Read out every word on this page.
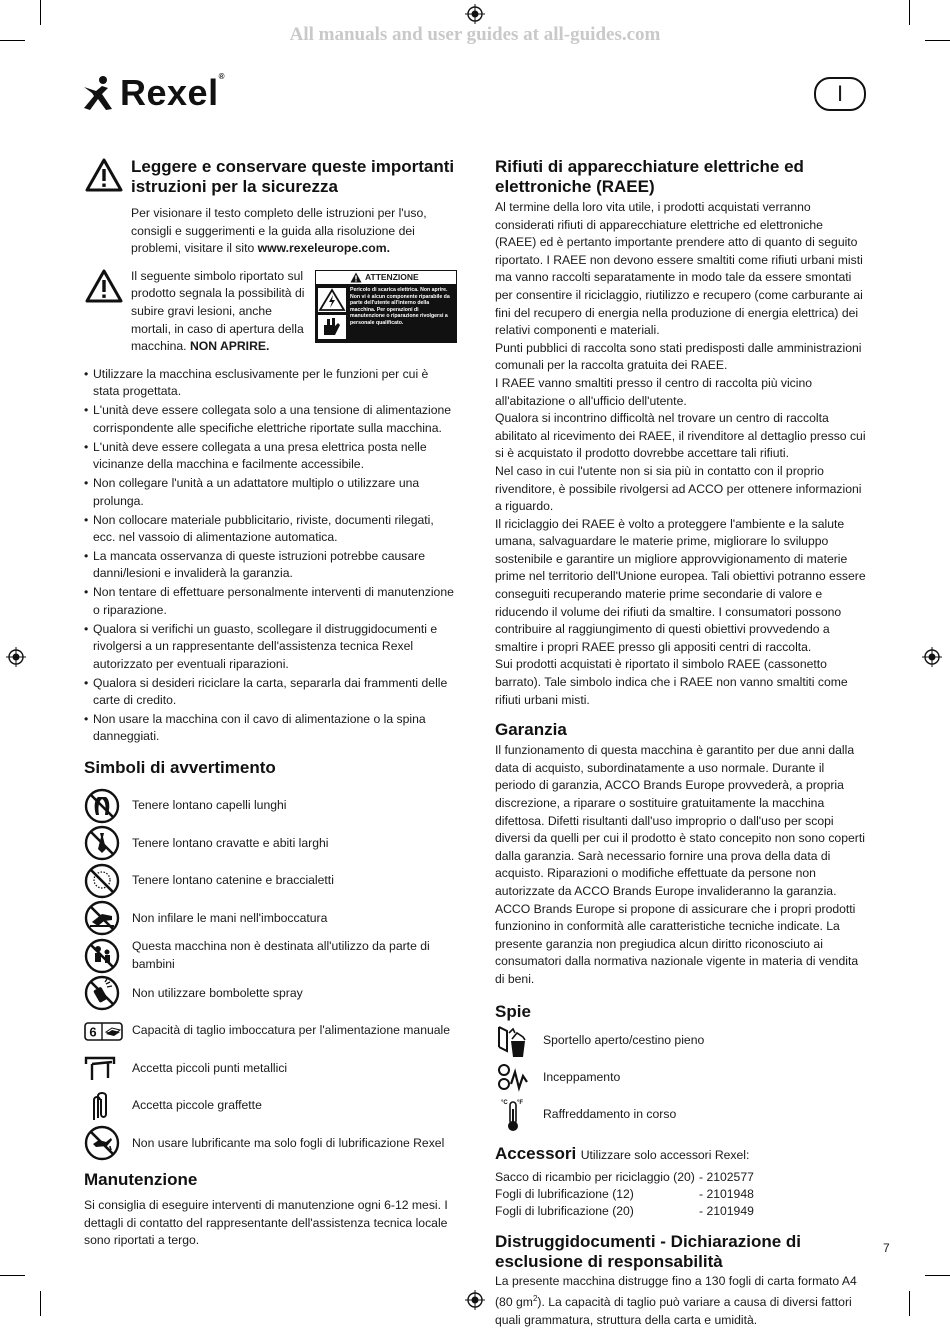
All manuals and user guides at all-guides.com
Rexel®
I
Leggere e conservare queste importanti istruzioni per la sicurezza

Per visionare il testo completo delle istruzioni per l'uso, consigli e suggerimenti e la guida alla risoluzione dei problemi, visitare il sito www.rexeleurope.com.

Il seguente simbolo riportato sul prodotto segnala la possibilità di subire gravi lesioni, anche mortali, in caso di apertura della macchina. NON APRIRE.

ATTENZIONE
Pericolo di scarica elettrica. Non aprire. Non vi è alcun componente riparabile da parte dell'utente all'interno della macchina. Per operazioni di manutenzione o riparazione rivolgersi a personale qualificato.
• Utilizzare la macchina esclusivamente per le funzioni per cui è stata progettata.
• L'unità deve essere collegata solo a una tensione di alimentazione corrispondente alle specifiche elettriche riportate sulla macchina.
• L'unità deve essere collegata a una presa elettrica posta nelle vicinanze della macchina e facilmente accessibile.
• Non collegare l'unità a un adattatore multiplo o utilizzare una prolunga.
• Non collocare materiale pubblicitario, riviste, documenti rilegati, ecc. nel vassoio di alimentazione automatica.
• La mancata osservanza di queste istruzioni potrebbe causare danni/lesioni e invaliderà la garanzia.
• Non tentare di effettuare personalmente interventi di manutenzione o riparazione.
• Qualora si verifichi un guasto, scollegare il distruggidocumenti e rivolgersi a un rappresentante dell'assistenza tecnica Rexel autorizzato per eventuali riparazioni.
• Qualora si desideri riciclare la carta, separarla dai frammenti delle carte di credito.
• Non usare la macchina con il cavo di alimentazione o la spina danneggiati.
Simboli di avvertimento
Tenere lontano capelli lunghi
Tenere lontano cravatte e abiti larghi
Tenere lontano catenine e braccialetti
Non infilare le mani nell'imboccatura
Questa macchina non è destinata all'utilizzo da parte di bambini
Non utilizzare bombolette spray
6	Capacità di taglio imboccatura per l'alimentazione manuale
Accetta piccoli punti metallici
Accetta piccole graffette
Non usare lubrificante ma solo fogli di lubrificazione Rexel
Manutenzione

Si consiglia di eseguire interventi di manutenzione ogni 6-12 mesi. I dettagli di contatto del rappresentante dell'assistenza tecnica locale sono riportati a tergo.

Rifiuti di apparecchiature elettriche ed elettroniche (RAEE)

Al termine della loro vita utile, i prodotti acquistati verranno considerati rifiuti di apparecchiature elettriche ed elettroniche (RAEE) ed è pertanto importante prendere atto di quanto di seguito riportato. I RAEE non devono essere smaltiti come rifiuti urbani misti ma vanno raccolti separatamente in modo tale da essere smontati per consentire il riciclaggio, riutilizzo e recupero (come carburante ai fini del recupero di energia nella produzione di energia elettrica) dei relativi componenti e materiali.

Punti pubblici di raccolta sono stati predisposti dalle amministrazioni comunali per la raccolta gratuita dei RAEE.

I RAEE vanno smaltiti presso il centro di raccolta più vicino all'abitazione o all'ufficio dell'utente.

Qualora si incontrino difficoltà nel trovare un centro di raccolta abilitato al ricevimento dei RAEE, il rivenditore al dettaglio presso cui si è acquistato il prodotto dovrebbe accettare tali rifiuti.

Nel caso in cui l'utente non si sia più in contatto con il proprio rivenditore, è possibile rivolgersi ad ACCO per ottenere informazioni a riguardo.

Il riciclaggio dei RAEE è volto a proteggere l'ambiente e la salute umana, salvaguardare le materie prime, migliorare lo sviluppo sostenibile e garantire un migliore approvvigionamento di materie prime nel territorio dell'Unione europea. Tali obiettivi potranno essere conseguiti recuperando materie prime secondarie di valore e riducendo il volume dei rifiuti da smaltire. I consumatori possono contribuire al raggiungimento di questi obiettivi provvedendo a smaltire i propri RAEE presso gli appositi centri di raccolta.

Sui prodotti acquistati è riportato il simbolo RAEE (cassonetto barrato). Tale simbolo indica che i RAEE non vanno smaltiti come rifiuti urbani misti.

Garanzia

Il funzionamento di questa macchina è garantito per due anni dalla data di acquisto, subordinatamente a uso normale. Durante il periodo di garanzia, ACCO Brands Europe provvederà, a propria discrezione, a riparare o sostituire gratuitamente la macchina difettosa. Difetti risultanti dall'uso improprio o dall'uso per scopi diversi da quelli per cui il prodotto è stato concepito non sono coperti dalla garanzia. Sarà necessario fornire una prova della data di acquisto. Riparazioni o modifiche effettuate da persone non autorizzate da ACCO Brands Europe invalideranno la garanzia. ACCO Brands Europe si propone di assicurare che i propri prodotti funzionino in conformità alle caratteristiche tecniche indicate. La presente garanzia non pregiudica alcun diritto riconosciuto ai consumatori dalla normativa nazionale vigente in materia di vendita di beni.

Spie
Sportello aperto/cestino pieno
Inceppamento
°C °F
Raffreddamento in corso
Accessori Utilizzare solo accessori Rexel:
Sacco di ricambio per riciclaggio (20) - 2102577
Fogli di lubrificazione (12)	- 2101948
Fogli di lubrificazione (20)	- 2101949
Distruggidocumenti - Dichiarazione di esclusione di responsabilità

La presente macchina distrugge fino a 130 fogli di carta formato A4 (80 $gm^2$). La capacità di taglio può variare a causa di diversi fattori quali grammatura, struttura della carta e umidità.

7
